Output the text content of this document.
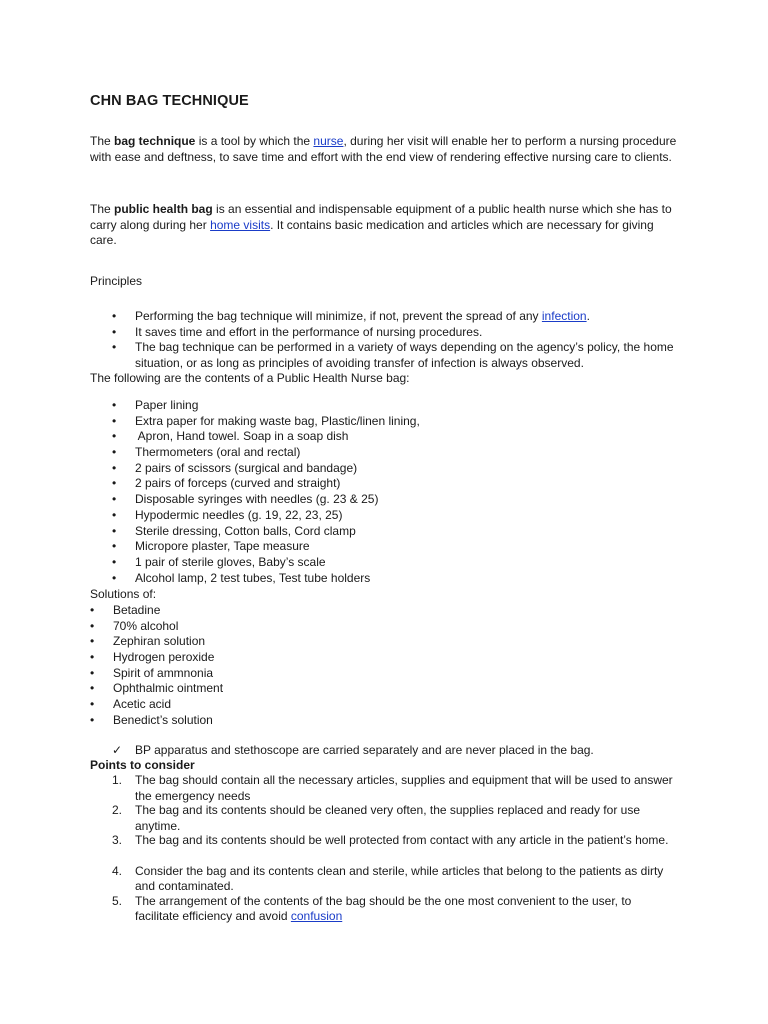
CHN BAG TECHNIQUE

The bag technique is a tool by which the nurse, during her visit will enable her to perform a nursing procedure with ease and deftness, to save time and effort with the end view of rendering effective nursing care to clients.

The public health bag is an essential and indispensable equipment of a public health nurse which she has to carry along during her home visits. It contains basic medication and articles which are necessary for giving care.

Principles

• Performing the bag technique will minimize, if not, prevent the spread of any infection.
• It saves time and effort in the performance of nursing procedures.
• The bag technique can be performed in a variety of ways depending on the agency’s policy, the home situation, or as long as principles of avoiding transfer of infection is always observed.

The following are the contents of a Public Health Nurse bag:

• Paper lining
• Extra paper for making waste bag, Plastic/linen lining,
•  Apron, Hand towel. Soap in a soap dish
• Thermometers (oral and rectal)
• 2 pairs of scissors (surgical and bandage)
• 2 pairs of forceps (curved and straight)
• Disposable syringes with needles (g. 23 & 25)
• Hypodermic needles (g. 19, 22, 23, 25)
• Sterile dressing, Cotton balls, Cord clamp
• Micropore plaster, Tape measure
• 1 pair of sterile gloves, Baby’s scale
• Alcohol lamp, 2 test tubes, Test tube holders

Solutions of:

• Betadine
• 70% alcohol
• Zephiran solution
• Hydrogen peroxide
• Spirit of ammnonia
• Ophthalmic ointment
• Acetic acid
• Benedict’s solution
✓ BP apparatus and stethoscope are carried separately and are never placed in the bag.

Points to consider

1. The bag should contain all the necessary articles, supplies and equipment that will be used to answer the emergency needs
2. The bag and its contents should be cleaned very often, the supplies replaced and ready for use anytime.
3. The bag and its contents should be well protected from contact with any article in the patient’s home.
4. Consider the bag and its contents clean and sterile, while articles that belong to the patients as dirty and contaminated.
5. The arrangement of the contents of the bag should be the one most convenient to the user, to facilitate efficiency and avoid confusion
